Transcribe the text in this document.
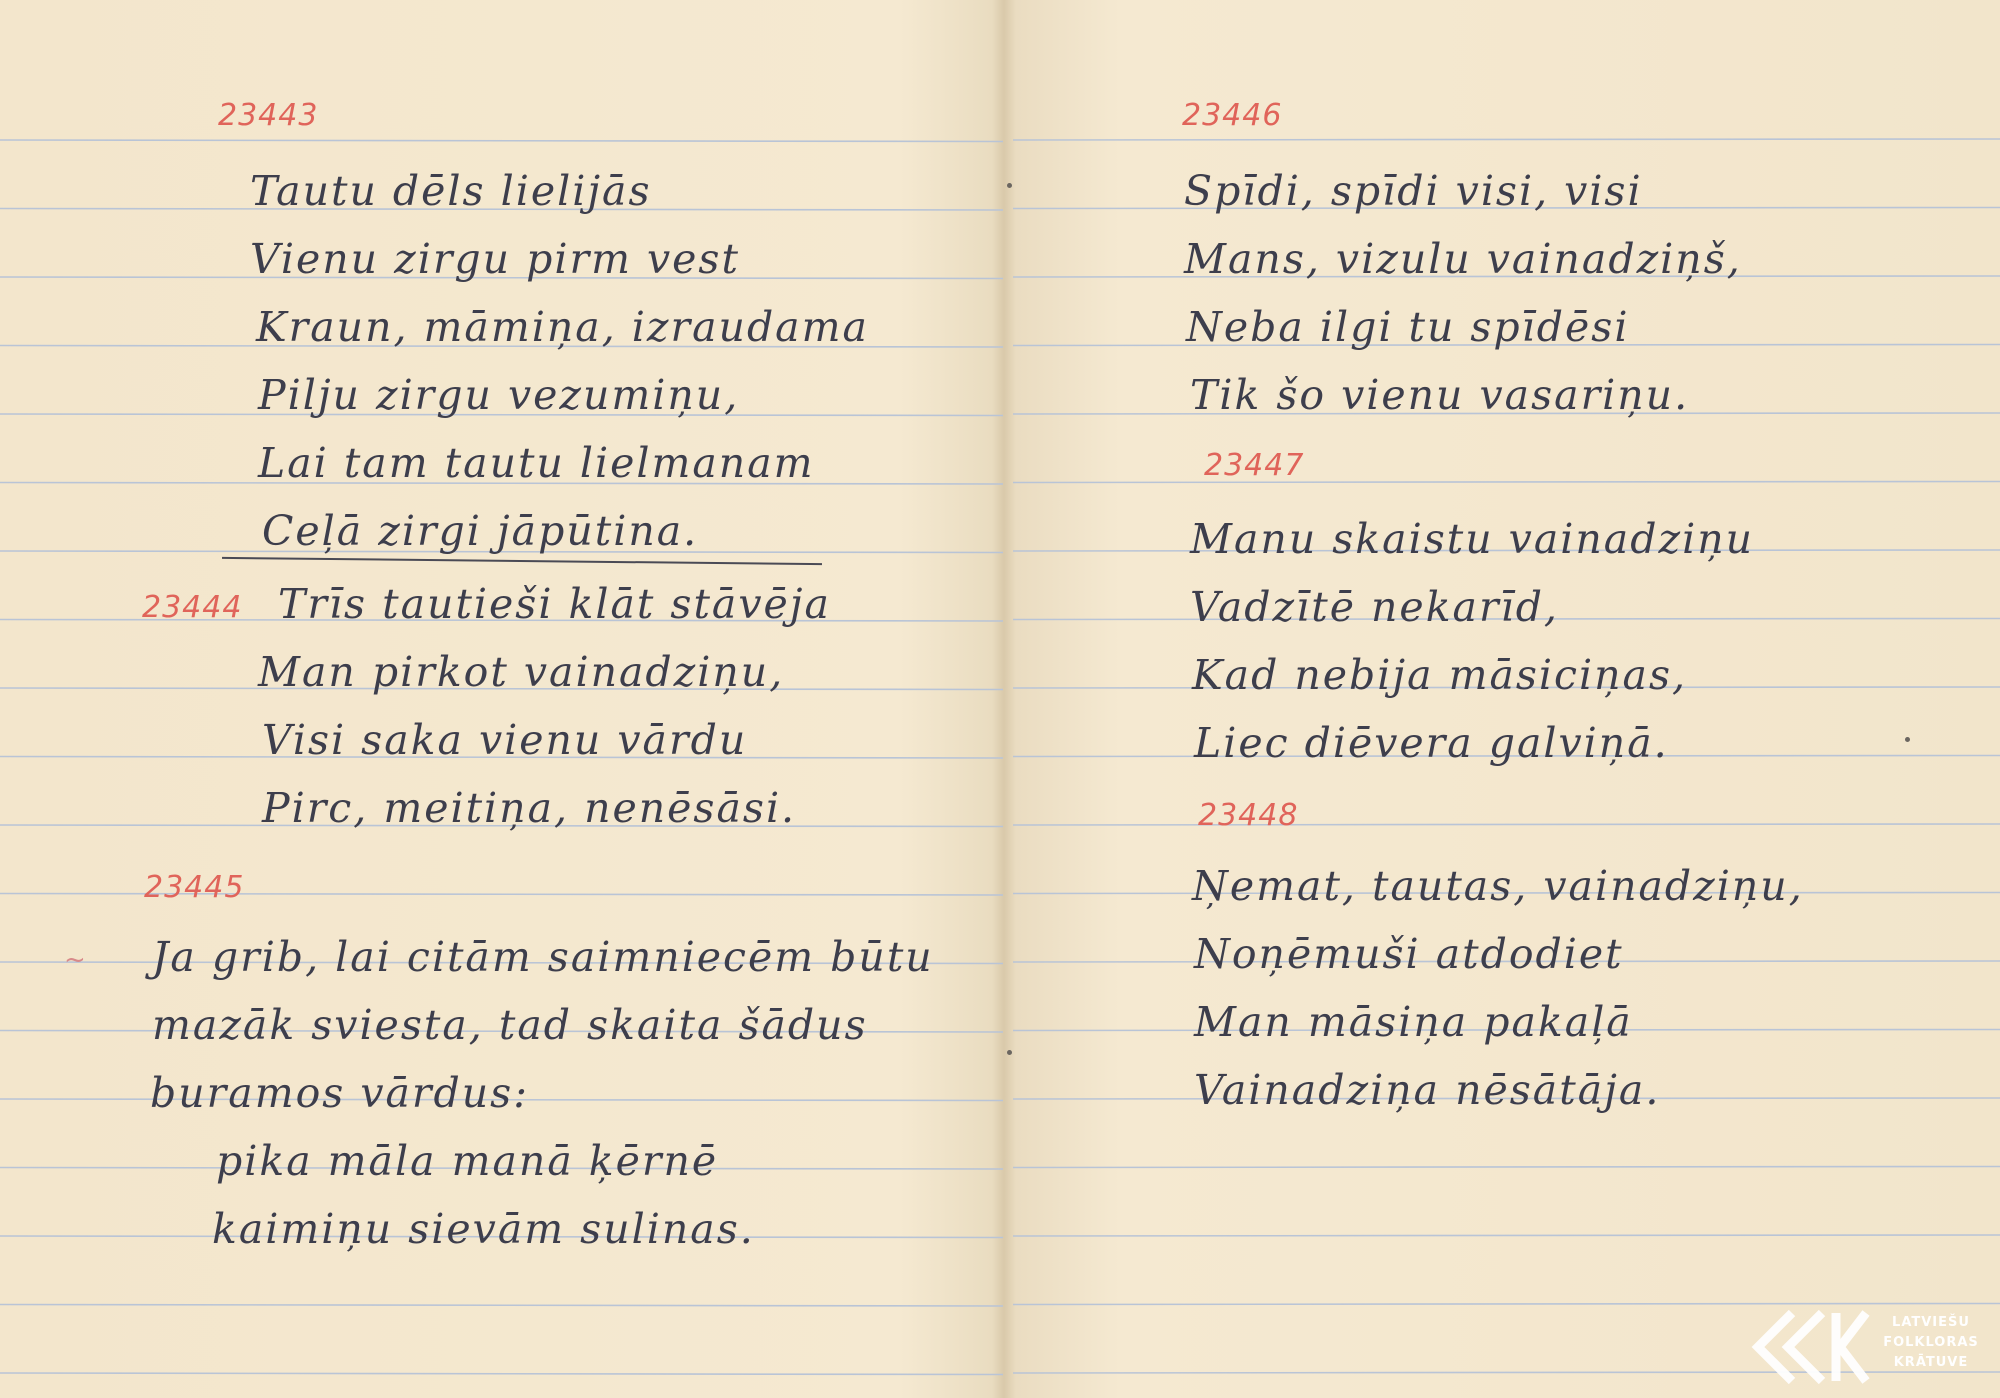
23443
Tautu dēls lielijās
Vienu zirgu pirm vest
Kraun, māmiņa, izraudama
Pilju zirgu vezumiņu,
Lai tam tautu lielmanam
Ceļā zirgi jāpūtina.
23444 Trīs tautieši klāt stāvēja
Man pirkot vainadziņu,
Visi saka vienu vārdu
Pirc, meitiņa, nenēsāsi.
23445
~ Ja grib, lai citām saimniecēm būtu
mazāk sviesta, tad skaita šādus
buramos vārdus:
pika māla manā ķērnē
kaimiņu sievām sulinas.
23446
Spīdi, spīdi visi, visi
Mans, vizulu vainadziņš,
Neba ilgi tu spīdēsi
Tik šo vienu vasariņu.
23447
Manu skaistu vainadziņu
Vadzītē nekarīd,
Kad nebija māsiciņas,
Liec diēvera galviņā.
23448
Ņemat, tautas, vainadziņu,
Noņēmuši atdodiet
Man māsiņa pakaļā
Vainadziņa nēsātāja.
LATVIEŠU
FOLKLORAS
KRĀTUVE
